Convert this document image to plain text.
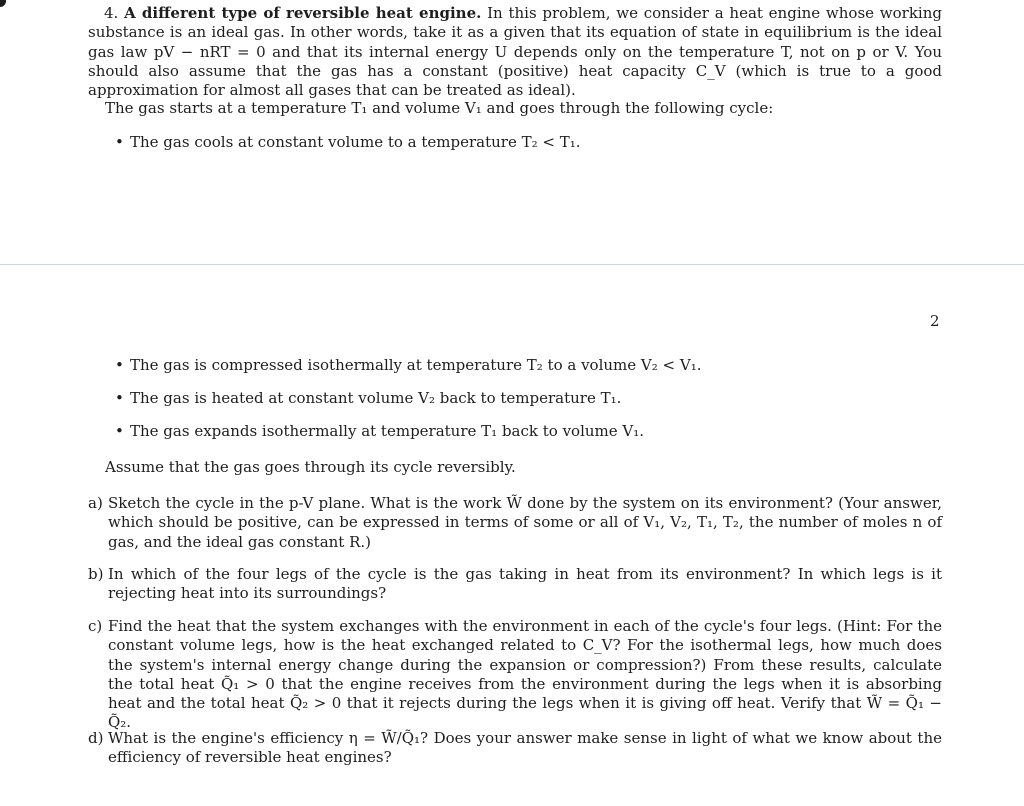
4. A different type of reversible heat engine. In this problem, we consider a heat engine whose working substance is an ideal gas. In other words, take it as a given that its equation of state in equilibrium is the ideal gas law pV − nRT = 0 and that its internal energy U depends only on the temperature T, not on p or V. You should also assume that the gas has a constant (positive) heat capacity C_V (which is true to a good approximation for almost all gases that can be treated as ideal).
The gas starts at a temperature T₁ and volume V₁ and goes through the following cycle:
• The gas cools at constant volume to a temperature T₂ < T₁.
2
• The gas is compressed isothermally at temperature T₂ to a volume V₂ < V₁.
• The gas is heated at constant volume V₂ back to temperature T₁.
• The gas expands isothermally at temperature T₁ back to volume V₁.
Assume that the gas goes through its cycle reversibly.
a) Sketch the cycle in the p-V plane. What is the work W̃ done by the system on its environment? (Your answer, which should be positive, can be expressed in terms of some or all of V₁, V₂, T₁, T₂, the number of moles n of gas, and the ideal gas constant R.)
b) In which of the four legs of the cycle is the gas taking in heat from its environment? In which legs is it rejecting heat into its surroundings?
c) Find the heat that the system exchanges with the environment in each of the cycle's four legs. (Hint: For the constant volume legs, how is the heat exchanged related to C_V? For the isothermal legs, how much does the system's internal energy change during the expansion or compression?) From these results, calculate the total heat Q̃₁ > 0 that the engine receives from the environment during the legs when it is absorbing heat and the total heat Q̃₂ > 0 that it rejects during the legs when it is giving off heat. Verify that W̃ = Q̃₁ − Q̃₂.
d) What is the engine's efficiency η = W̃/Q̃₁? Does your answer make sense in light of what we know about the efficiency of reversible heat engines?
